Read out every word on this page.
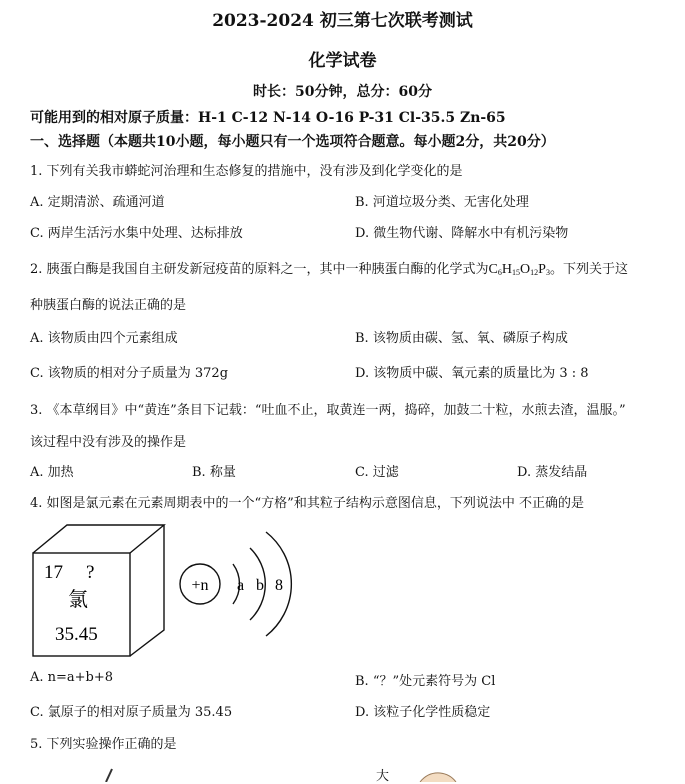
2023-2024 初三第七次联考测试
化学试卷
时长：50分钟，总分：60分
可能用到的相对原子质量：H-1 C-12 N-14 O-16 P-31 Cl-35.5 Zn-65
一、选择题（本题共10小题，每小题只有一个选项符合题意。每小题2分，共20分）
1. 下列有关我市蟒蛇河治理和生态修复的措施中，没有涉及到化学变化的是
A. 定期清淤、疏通河道	B. 河道垃圾分类、无害化处理
C. 两岸生活污水集中处理、达标排放	D. 微生物代谢、降解水中有机污染物
2. 胰蛋白酶是我国自主研发新冠疫苗的原料之一，其中一种胰蛋白酶的化学式为$C_6H_{15}O_{12}P_3$。下列关于这
种胰蛋白酶的说法正确的是
A. 该物质由四个元素组成	B. 该物质由碳、氢、氧、磷原子构成
C. 该物质的相对分子质量为 372g	D. 该物质中碳、氧元素的质量比为 3 : 8
3. 《本草纲目》中“黄连”条目下记载：“吐血不止，取黄连一两，捣碎，加鼓二十粒，水煎去渣，温服。”
该过程中没有涉及的操作是
A. 加热	B. 称量	C. 过滤	D. 蒸发结晶
4. 如图是氯元素在元素周期表中的一个“方格”和其粒子结构示意图信息，下列说法中 不正确的是
17 ?
氯
35.45
+n a b 8
A. n=a+b+8	B. “？”处元素符号为 Cl
C. 氯原子的相对原子质量为 35.45	D. 该粒子化学性质稳定
5. 下列实验操作正确的是
大
